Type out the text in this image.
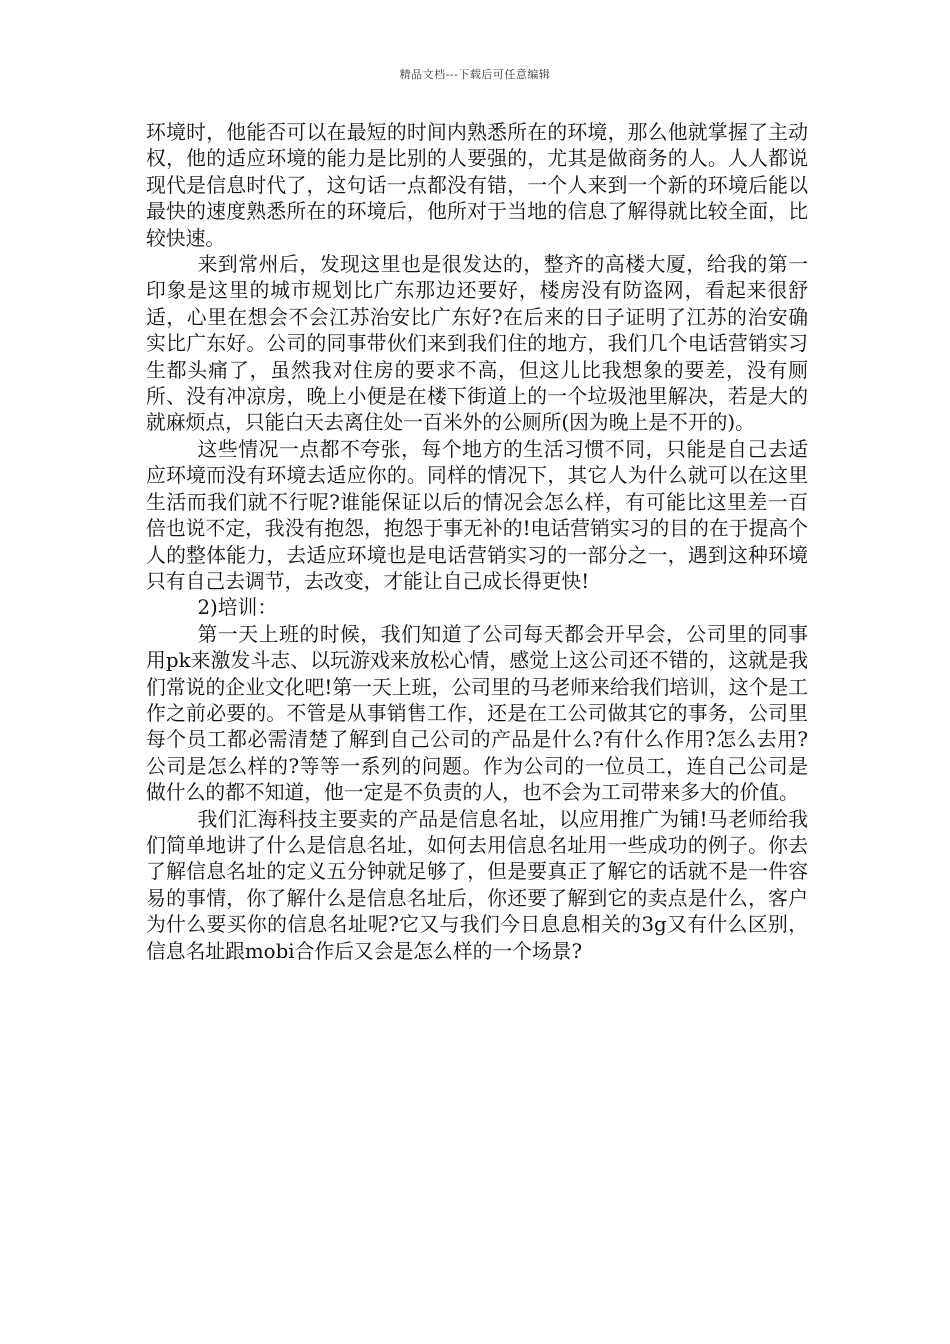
精品文档---下载后可任意编辑

环境时，他能否可以在最短的时间内熟悉所在的环境，那么他就掌握了主动权，他的适应环境的能力是比别的人要强的，尤其是做商务的人。人人都说现代是信息时代了，这句话一点都没有错，一个人来到一个新的环境后能以最快的速度熟悉所在的环境后，他所对于当地的信息了解得就比较全面，比较快速。

来到常州后，发现这里也是很发达的，整齐的高楼大厦，给我的第一印象是这里的城市规划比广东那边还要好，楼房没有防盗网，看起来很舒适，心里在想会不会江苏治安比广东好?在后来的日子证明了江苏的治安确实比广东好。公司的同事带伙们来到我们住的地方，我们几个电话营销实习生都头痛了，虽然我对住房的要求不高，但这儿比我想象的要差，没有厕所、没有冲凉房，晚上小便是在楼下街道上的一个垃圾池里解决，若是大的就麻烦点，只能白天去离住处一百米外的公厕所(因为晚上是不开的)。

这些情况一点都不夸张，每个地方的生活习惯不同，只能是自己去适应环境而没有环境去适应你的。同样的情况下，其它人为什么就可以在这里生活而我们就不行呢?谁能保证以后的情况会怎么样，有可能比这里差一百倍也说不定，我没有抱怨，抱怨于事无补的!电话营销实习的目的在于提高个人的整体能力，去适应环境也是电话营销实习的一部分之一，遇到这种环境只有自己去调节，去改变，才能让自己成长得更快!

2)培训：

第一天上班的时候，我们知道了公司每天都会开早会，公司里的同事用pk来激发斗志、以玩游戏来放松心情，感觉上这公司还不错的，这就是我们常说的企业文化吧!第一天上班，公司里的马老师来给我们培训，这个是工作之前必要的。不管是从事销售工作，还是在工公司做其它的事务，公司里每个员工都必需清楚了解到自己公司的产品是什么?有什么作用?怎么去用?公司是怎么样的?等等一系列的问题。作为公司的一位员工，连自己公司是做什么的都不知道，他一定是不负责的人，也不会为工司带来多大的价值。

我们汇海科技主要卖的产品是信息名址，以应用推广为铺!马老师给我们简单地讲了什么是信息名址，如何去用信息名址用一些成功的例子。你去了解信息名址的定义五分钟就足够了，但是要真正了解它的话就不是一件容易的事情，你了解什么是信息名址后，你还要了解到它的卖点是什么，客户为什么要买你的信息名址呢?它又与我们今日息息相关的3g又有什么区别，信息名址跟mobi合作后又会是怎么样的一个场景?
